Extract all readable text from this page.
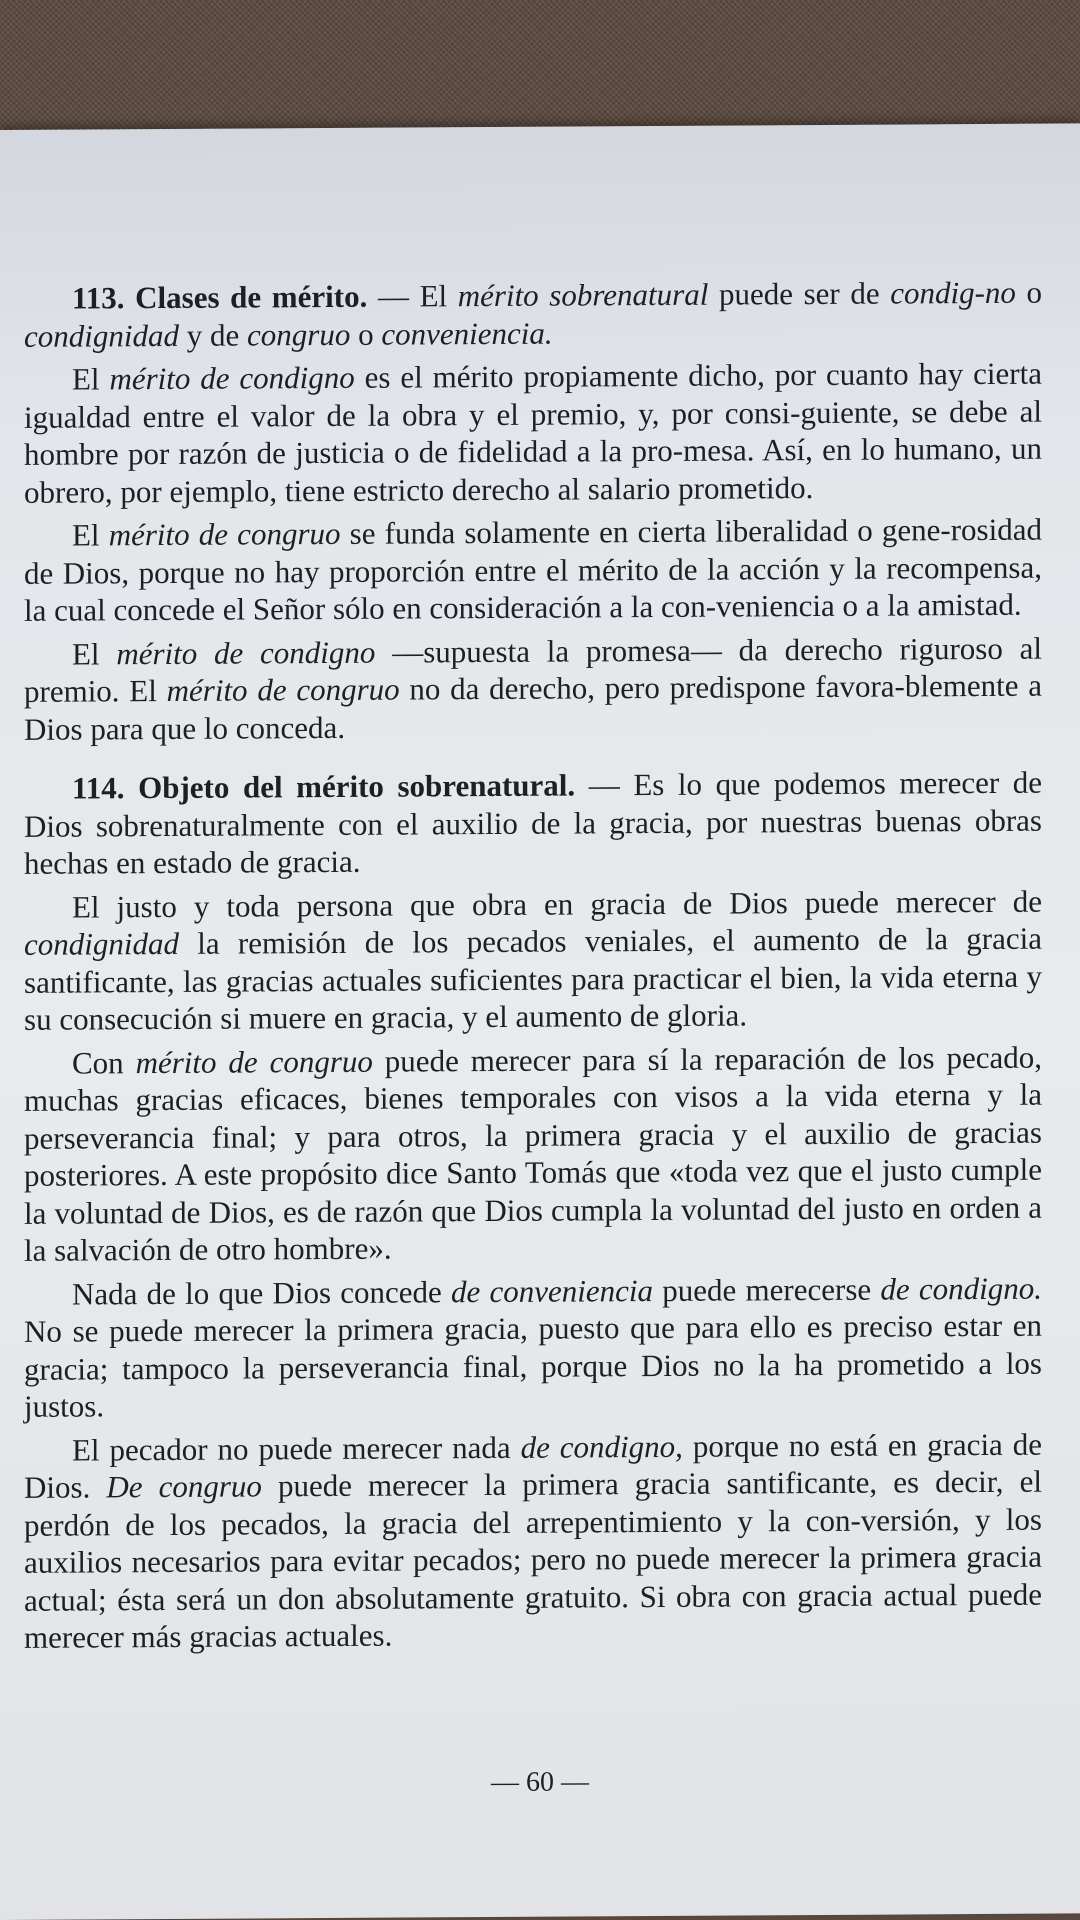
113. Clases de mérito. — El mérito sobrenatural puede ser de condig-no o condignidad y de congruo o conveniencia.

El mérito de condigno es el mérito propiamente dicho, por cuanto hay cierta igualdad entre el valor de la obra y el premio, y, por consi-guiente, se debe al hombre por razón de justicia o de fidelidad a la pro-mesa. Así, en lo humano, un obrero, por ejemplo, tiene estricto derecho al salario prometido.

El mérito de congruo se funda solamente en cierta liberalidad o gene-rosidad de Dios, porque no hay proporción entre el mérito de la acción y la recompensa, la cual concede el Señor sólo en consideración a la con-veniencia o a la amistad.

El mérito de condigno —supuesta la promesa— da derecho riguroso al premio. El mérito de congruo no da derecho, pero predispone favora-blemente a Dios para que lo conceda.

114. Objeto del mérito sobrenatural. — Es lo que podemos merecer de Dios sobrenaturalmente con el auxilio de la gracia, por nuestras buenas obras hechas en estado de gracia.

El justo y toda persona que obra en gracia de Dios puede merecer de condignidad la remisión de los pecados veniales, el aumento de la gracia santificante, las gracias actuales suficientes para practicar el bien, la vida eterna y su consecución si muere en gracia, y el aumento de gloria.

Con mérito de congruo puede merecer para sí la reparación de los pecado, muchas gracias eficaces, bienes temporales con visos a la vida eterna y la perseverancia final; y para otros, la primera gracia y el auxilio de gracias posteriores. A este propósito dice Santo Tomás que «toda vez que el justo cumple la voluntad de Dios, es de razón que Dios cumpla la voluntad del justo en orden a la salvación de otro hombre».

Nada de lo que Dios concede de conveniencia puede merecerse de condigno. No se puede merecer la primera gracia, puesto que para ello es preciso estar en gracia; tampoco la perseverancia final, porque Dios no la ha prometido a los justos.

El pecador no puede merecer nada de condigno, porque no está en gracia de Dios. De congruo puede merecer la primera gracia santificante, es decir, el perdón de los pecados, la gracia del arrepentimiento y la con-versión, y los auxilios necesarios para evitar pecados; pero no puede merecer la primera gracia actual; ésta será un don absolutamente gratuito. Si obra con gracia actual puede merecer más gracias actuales.

— 60 —
